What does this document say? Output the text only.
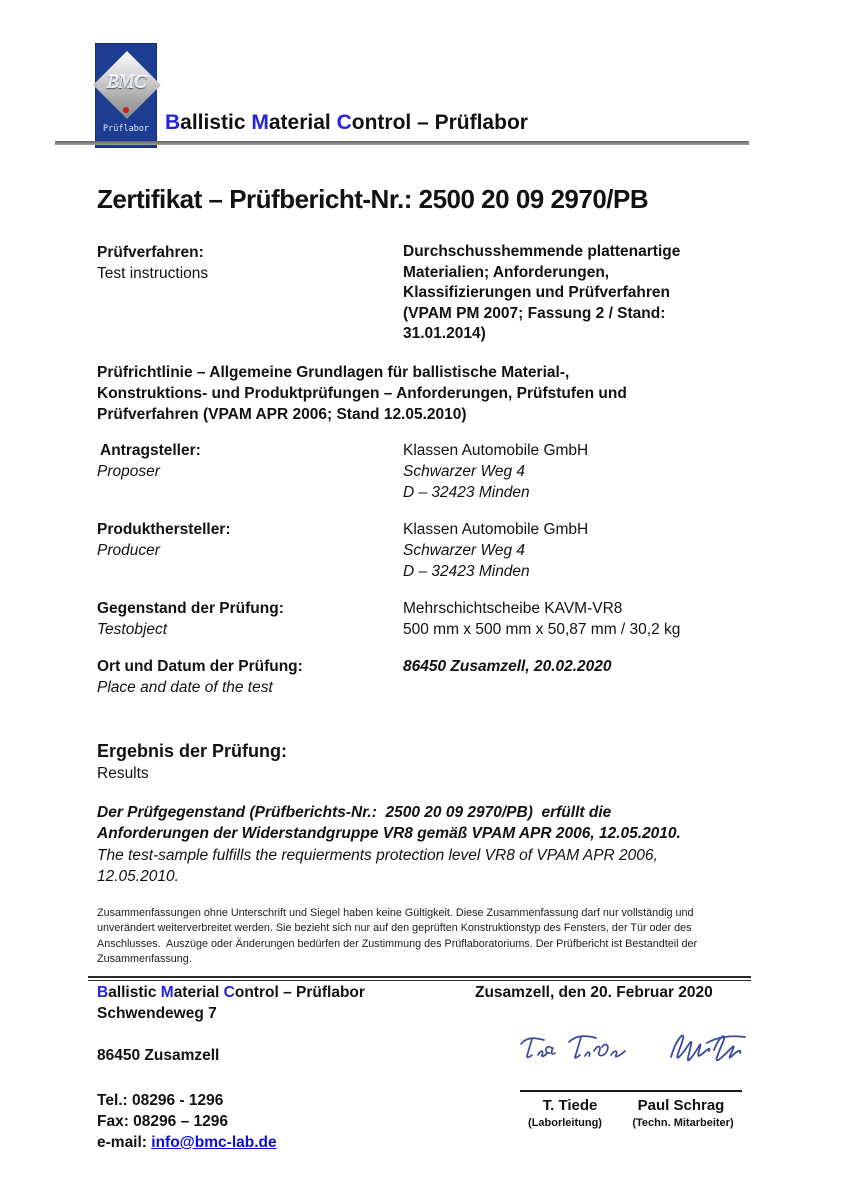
BMC
Prüflabor Ballistic Material Control – Prüflabor
Zertifikat – Prüfbericht-Nr.: 2500 20 09 2970/PB
Prüfverfahren:
Test instructions
Durchschusshemmende plattenartige
Materialien; Anforderungen,
Klassifizierungen und Prüfverfahren
(VPAM PM 2007; Fassung 2 / Stand:
31.01.2014)
Prüfrichtlinie – Allgemeine Grundlagen für ballistische Material-,
Konstruktions- und Produktprüfungen – Anforderungen, Prüfstufen und
Prüfverfahren (VPAM APR 2006; Stand 12.05.2010)
Antragsteller:
Proposer
Klassen Automobile GmbH
Schwarzer Weg 4
D – 32423 Minden
Produkthersteller:
Producer
Klassen Automobile GmbH
Schwarzer Weg 4
D – 32423 Minden
Gegenstand der Prüfung:
Testobject
Mehrschichtscheibe KAVM-VR8
500 mm x 500 mm x 50,87 mm / 30,2 kg
Ort und Datum der Prüfung:
Place and date of the test
86450 Zusamzell, 20.02.2020
Ergebnis der Prüfung:
Results
Der Prüfgegenstand (Prüfberichts-Nr.:  2500 20 09 2970/PB)  erfüllt die
Anforderungen der Widerstandgruppe VR8 gemäß VPAM APR 2006, 12.05.2010.
The test-sample fulfills the requierments protection level VR8 of VPAM APR 2006,
12.05.2010.
Zusammenfassungen ohne Unterschrift und Siegel haben keine Gültigkeit. Diese Zusammenfassung darf nur vollständig und unverändert weiterverbreitet werden. Sie bezieht sich nur auf den geprüften Konstruktionstyp des Fensters, der Tür oder des Anschlusses.  Auszüge oder Änderungen bedürfen der Zustimmung des Prüflaboratoriums. Der Prüfbericht ist Bestandteil der Zusammenfassung.
Ballistic Material Control – Prüflabor
Schwendeweg 7
86450 Zusamzell
Tel.: 08296 - 1296
Fax: 08296 – 1296
e-mail: info@bmc-lab.de
Zusamzell, den 20. Februar 2020
T. Tiede	Paul Schrag
(Laborleitung)	(Techn. Mitarbeiter)
